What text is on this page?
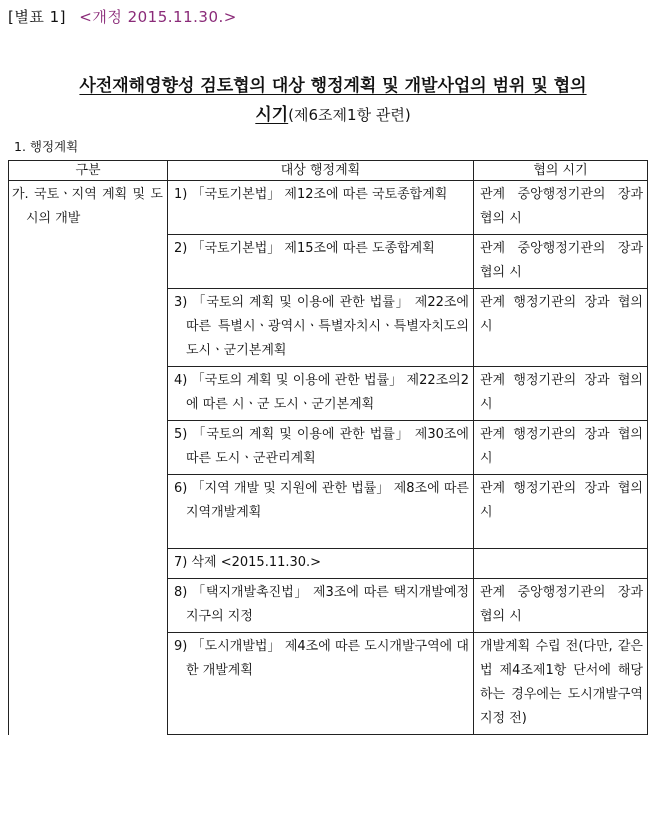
[별표 1] <개정 2015.11.30.>
사전재해영향성 검토협의 대상 행정계획 및 개발사업의 범위 및 협의
시기(제6조제1항 관련)
1. 행정계획
구분	대상 행정계획	협의 시기

가. 국토ㆍ지역 계획 및 도시의 개발	1) 「국토기본법」 제12조에 따른 국토종합계획	관계 중앙행정기관의 장과 협의 시

	2) 「국토기본법」 제15조에 따른 도종합계획	관계 중앙행정기관의 장과 협의 시

	3) 「국토의 계획 및 이용에 관한 법률」 제22조에 따른 특별시ㆍ광역시ㆍ특별자치시ㆍ특별자치도의 도시ㆍ군기본계획	관계 행정기관의 장과 협의 시

	4) 「국토의 계획 및 이용에 관한 법률」 제22조의2에 따른 시ㆍ군 도시ㆍ군기본계획	관계 행정기관의 장과 협의 시

	5) 「국토의 계획 및 이용에 관한 법률」 제30조에 따른 도시ㆍ군관리계획	관계 행정기관의 장과 협의 시

	6) 「지역 개발 및 지원에 관한 법률」 제8조에 따른 지역개발계획	관계 행정기관의 장과 협의 시

	7) 삭제 <2015.11.30.>	

	8) 「택지개발촉진법」 제3조에 따른 택지개발예정지구의 지정	관계 중앙행정기관의 장과 협의 시

	9) 「도시개발법」 제4조에 따른 도시개발구역에 대한 개발계획	개발계획 수립 전(다만, 같은 법 제4조제1항 단서에 해당하는 경우에는 도시개발구역 지정 전)
